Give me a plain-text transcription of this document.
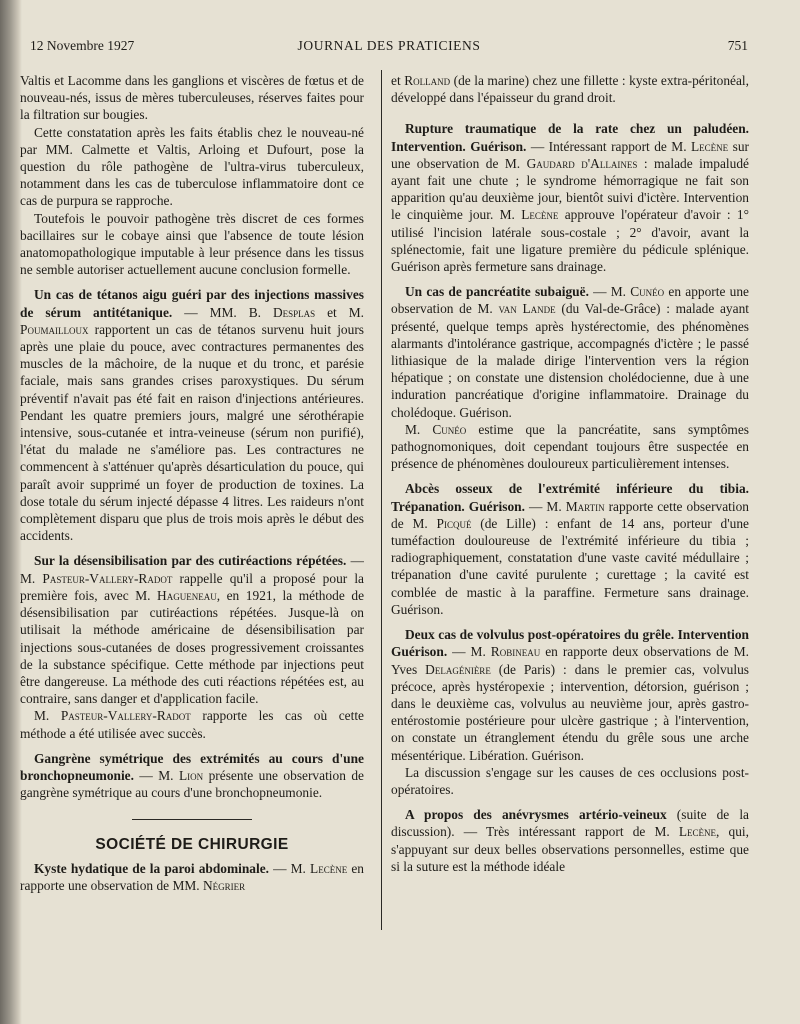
12 Novembre 1927	JOURNAL DES PRATICIENS	751

Valtis et Lacomme dans les ganglions et viscères de fœtus et de nouveau-nés, issus de mères tuberculeuses, réserves faites pour la filtration sur bougies.

Cette constatation après les faits établis chez le nouveau-né par MM. Calmette et Valtis, Arloing et Dufourt, pose la question du rôle pathogène de l'ultra-virus tuberculeux, notamment dans les cas de tuberculose inflammatoire dont ce cas de purpura se rapproche.

Toutefois le pouvoir pathogène très discret de ces formes bacillaires sur le cobaye ainsi que l'absence de toute lésion anatomopathologique imputable à leur présence dans les tissus ne semble autoriser actuellement aucune conclusion formelle.

Un cas de tétanos aigu guéri par des injections massives de sérum antitétanique. — MM. B. Desplas et M. Poumailloux rapportent un cas de tétanos survenu huit jours après une plaie du pouce, avec contractures permanentes des muscles de la mâchoire, de la nuque et du tronc, et parésie faciale, mais sans grandes crises paroxystiques. Du sérum préventif n'avait pas été fait en raison d'injections antérieures. Pendant les quatre premiers jours, malgré une sérothérapie intensive, sous-cutanée et intra-veineuse (sérum non purifié), l'état du malade ne s'améliore pas. Les contractures ne commencent à s'atténuer qu'après désarticulation du pouce, qui paraît avoir supprimé un foyer de production de toxines. La dose totale du sérum injecté dépasse 4 litres. Les raideurs n'ont complètement disparu que plus de trois mois après le début des accidents.

Sur la désensibilisation par des cutiréactions répétées. — M. Pasteur-Vallery-Radot rappelle qu'il a proposé pour la première fois, avec M. Hagueneau, en 1921, la méthode de désensibilisation par cutiréactions répétées. Jusque-là on utilisait la méthode américaine de désensibilisation par injections sous-cutanées de doses progressivement croissantes de la substance spécifique. Cette méthode par injections peut être dangereuse. La méthode des cuti réactions répétées est, au contraire, sans danger et d'application facile.

M. Pasteur-Vallery-Radot rapporte les cas où cette méthode a été utilisée avec succès.

Gangrène symétrique des extrémités au cours d'une bronchopneumonie. — M. Lion présente une observation de gangrène symétrique au cours d'une bronchopneumonie.

SOCIÉTÉ DE CHIRURGIE

Kyste hydatique de la paroi abdominale. — M. Lecène en rapporte une observation de MM. Négrier

et Rolland (de la marine) chez une fillette : kyste extra-péritonéal, développé dans l'épaisseur du grand droit.

Rupture traumatique de la rate chez un paludéen. Intervention. Guérison. — Intéressant rapport de M. Lecène sur une observation de M. Gaudard d'Allaines : malade impaludé ayant fait une chute ; le syndrome hémorragique ne fait son apparition qu'au deuxième jour, bientôt suivi d'ictère. Intervention le cinquième jour. M. Lecène approuve l'opérateur d'avoir : 1° utilisé l'incision latérale sous-costale ; 2° d'avoir, avant la splénectomie, fait une ligature première du pédicule splénique. Guérison après fermeture sans drainage.

Un cas de pancréatite subaiguë. — M. Cunéo en apporte une observation de M. van Lande (du Val-de-Grâce) : malade ayant présenté, quelque temps après hystérectomie, des phénomènes alarmants d'intolérance gastrique, accompagnés d'ictère ; le passé lithiasique de la malade dirige l'intervention vers la région hépatique ; on constate une distension cholédocienne, due à une induration pancréatique d'origine inflammatoire. Drainage du cholédoque. Guérison.

M. Cunéo estime que la pancréatite, sans symptômes pathognomoniques, doit cependant toujours être suspectée en présence de phénomènes douloureux particulièrement intenses.

Abcès osseux de l'extrémité inférieure du tibia. Trépanation. Guérison. — M. Martin rapporte cette observation de M. Picqué (de Lille) : enfant de 14 ans, porteur d'une tuméfaction douloureuse de l'extrémité inférieure du tibia ; radiographiquement, constatation d'une vaste cavité médullaire ; trépanation d'une cavité purulente ; curettage ; la cavité est comblée de mastic à la paraffine. Fermeture sans drainage. Guérison.

Deux cas de volvulus post-opératoires du grêle. Intervention Guérison. — M. Robineau en rapporte deux observations de M. Yves Delagénière (de Paris) : dans le premier cas, volvulus précoce, après hystéropexie ; intervention, détorsion, guérison ; dans le deuxième cas, volvulus au neuvième jour, après gastro-entérostomie postérieure pour ulcère gastrique ; à l'intervention, on constate un étranglement étendu du grêle sous une arche mésentérique. Libération. Guérison.

La discussion s'engage sur les causes de ces occlusions post-opératoires.

A propos des anévrysmes artério-veineux (suite de la discussion). — Très intéressant rapport de M. Lecène, qui, s'appuyant sur deux belles observations personnelles, estime que si la suture est la méthode idéale
